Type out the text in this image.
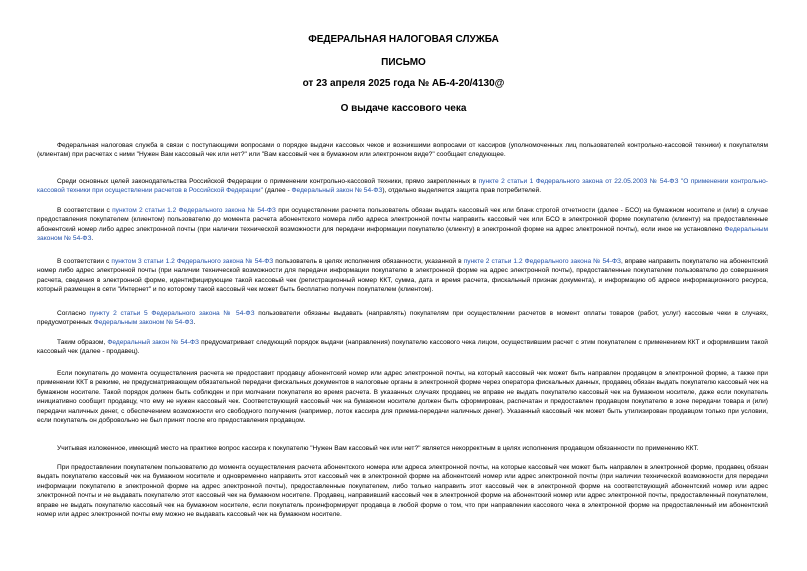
ФЕДЕРАЛЬНАЯ НАЛОГОВАЯ СЛУЖБА
ПИСЬМО
от 23 апреля 2025 года № АБ-4-20/4130@
О выдаче кассового чека
Федеральная налоговая служба в связи с поступающими вопросами о порядке выдачи кассовых чеков и возникшими вопросами от кассиров (уполномоченных лиц пользователей контрольно-кассовой техники) к покупателям (клиентам) при расчетах с ними "Нужен Вам кассовый чек или нет?" или "Вам кассовый чек в бумажном или электронном виде?" сообщает следующее.
Среди основных целей законодательства Российской Федерации о применении контрольно-кассовой техники, прямо закрепленных в пункте 2 статьи 1 Федерального закона от 22.05.2003 № 54-ФЗ "О применении контрольно-кассовой техники при осуществлении расчетов в Российской Федерации" (далее - Федеральный закон № 54-ФЗ), отдельно выделяется защита прав потребителей.
В соответствии с пунктом 2 статьи 1.2 Федерального закона № 54-ФЗ при осуществлении расчета пользователь обязан выдать кассовый чек или бланк строгой отчетности (далее - БСО) на бумажном носителе и (или) в случае предоставления покупателем (клиентом) пользователю до момента расчета абонентского номера либо адреса электронной почты направить кассовый чек или БСО в электронной форме покупателю (клиенту) на предоставленные абонентский номер либо адрес электронной почты (при наличии технической возможности для передачи информации покупателю (клиенту) в электронной форме на адрес электронной почты), если иное не установлено Федеральным законом № 54-ФЗ.
В соответствии с пунктом 3 статьи 1.2 Федерального закона № 54-ФЗ пользователь в целях исполнения обязанности, указанной в пункте 2 статьи 1.2 Федерального закона № 54-ФЗ, вправе направить покупателю на абонентский номер либо адрес электронной почты (при наличии технической возможности для передачи информации покупателю в электронной форме на адрес электронной почты), предоставленные покупателем пользователю до совершения расчета, сведения в электронной форме, идентифицирующие такой кассовый чек (регистрационный номер ККТ, сумма, дата и время расчета, фискальный признак документа), и информацию об адресе информационного ресурса, который размещен в сети "Интернет" и по которому такой кассовый чек может быть бесплатно получен покупателем (клиентом).
Согласно пункту 2 статьи 5 Федерального закона № 54-ФЗ пользователи обязаны выдавать (направлять) покупателям при осуществлении расчетов в момент оплаты товаров (работ, услуг) кассовые чеки в случаях, предусмотренных Федеральным законом № 54-ФЗ.
Таким образом, Федеральный закон № 54-ФЗ предусматривает следующий порядок выдачи (направления) покупателю кассового чека лицом, осуществившим расчет с этим покупателем с применением ККТ и оформившим такой кассовый чек (далее - продавец).
Если покупатель до момента осуществления расчета не предоставит продавцу абонентский номер или адрес электронной почты, на который кассовый чек может быть направлен продавцом в электронной форме, а также при применении ККТ в режиме, не предусматривающем обязательной передачи фискальных документов в налоговые органы в электронной форме через оператора фискальных данных, продавец обязан выдать покупателю кассовый чек на бумажном носителе. Такой порядок должен быть соблюден и при молчании покупателя во время расчета. В указанных случаях продавец не вправе не выдать покупателю кассовый чек на бумажном носителе, даже если покупатель инициативно сообщит продавцу, что ему не нужен кассовый чек. Соответствующий кассовый чек на бумажном носителе должен быть сформирован, распечатан и предоставлен продавцом покупателю в зоне передачи товара и (или) передачи наличных денег, с обеспечением возможности его свободного получения (например, лоток кассира для приема-передачи наличных денег). Указанный кассовый чек может быть утилизирован продавцом только при условии, если покупатель он добровольно не был принят после его предоставления продавцом.
Учитывая изложенное, имеющий место на практике вопрос кассира к покупателю "Нужен Вам кассовый чек или нет?" является некорректным в целях исполнения продавцом обязанности по применению ККТ.
При предоставлении покупателем пользователю до момента осуществления расчета абонентского номера или адреса электронной почты, на которые кассовый чек может быть направлен в электронной форме, продавец обязан выдать покупателю кассовый чек на бумажном носителе и одновременно направить этот кассовый чек в электронной форме на абонентский номер или адрес электронной почты (при наличии технической возможности для передачи информации покупателю в электронной форме на адрес электронной почты), предоставленные покупателем, либо только направить этот кассовый чек в электронной форме на соответствующий абонентский номер или адрес электронной почты и не выдавать покупателю этот кассовый чек на бумажном носителе. Продавец, направивший кассовый чек в электронной форме на абонентский номер или адрес электронной почты, предоставленный покупателем, вправе не выдать покупателю кассовый чек на бумажном носителе, если покупатель проинформирует продавца в любой форме о том, что при направлении кассового чека в электронной форме на предоставленный им абонентский номер или адрес электронной почты ему можно не выдавать кассовый чек на бумажном носителе.
